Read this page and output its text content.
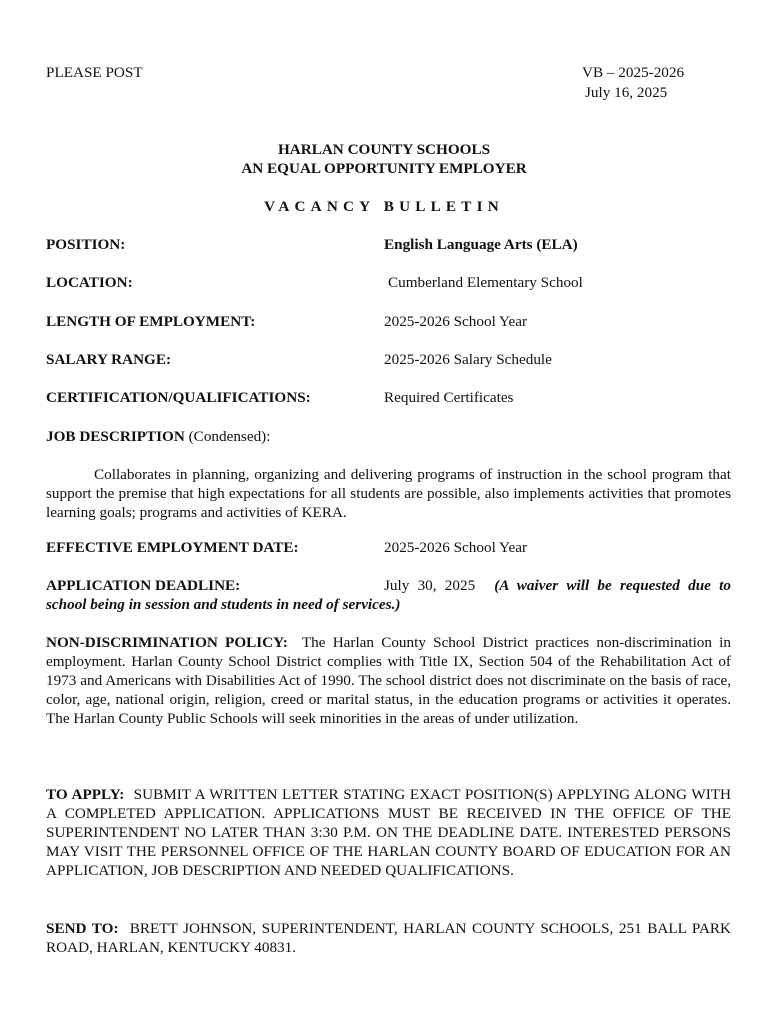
PLEASE POST	VB – 2025-2026
July 16, 2025
HARLAN COUNTY SCHOOLS
AN EQUAL OPPORTUNITY EMPLOYER
VACANCY BULLETIN
POSITION:	English Language Arts (ELA)
LOCATION:	Cumberland Elementary School
LENGTH OF EMPLOYMENT:	2025-2026 School Year
SALARY RANGE:	2025-2026 Salary Schedule
CERTIFICATION/QUALIFICATIONS:	Required Certificates
JOB DESCRIPTION (Condensed):
Collaborates in planning, organizing and delivering programs of instruction in the school program that support the premise that high expectations for all students are possible, also implements activities that promotes learning goals; programs and activities of KERA.
EFFECTIVE EMPLOYMENT DATE:	2025-2026 School Year
APPLICATION DEADLINE:	July 30, 2025 (A waiver will be requested due to school being in session and students in need of services.)
NON-DISCRIMINATION POLICY: The Harlan County School District practices non-discrimination in employment. Harlan County School District complies with Title IX, Section 504 of the Rehabilitation Act of 1973 and Americans with Disabilities Act of 1990. The school district does not discriminate on the basis of race, color, age, national origin, religion, creed or marital status, in the education programs or activities it operates. The Harlan County Public Schools will seek minorities in the areas of under utilization.
TO APPLY: SUBMIT A WRITTEN LETTER STATING EXACT POSITION(S) APPLYING ALONG WITH A COMPLETED APPLICATION. APPLICATIONS MUST BE RECEIVED IN THE OFFICE OF THE SUPERINTENDENT NO LATER THAN 3:30 P.M. ON THE DEADLINE DATE. INTERESTED PERSONS MAY VISIT THE PERSONNEL OFFICE OF THE HARLAN COUNTY BOARD OF EDUCATION FOR AN APPLICATION, JOB DESCRIPTION AND NEEDED QUALIFICATIONS.
SEND TO: BRETT JOHNSON, SUPERINTENDENT, HARLAN COUNTY SCHOOLS, 251 BALL PARK ROAD, HARLAN, KENTUCKY 40831.
